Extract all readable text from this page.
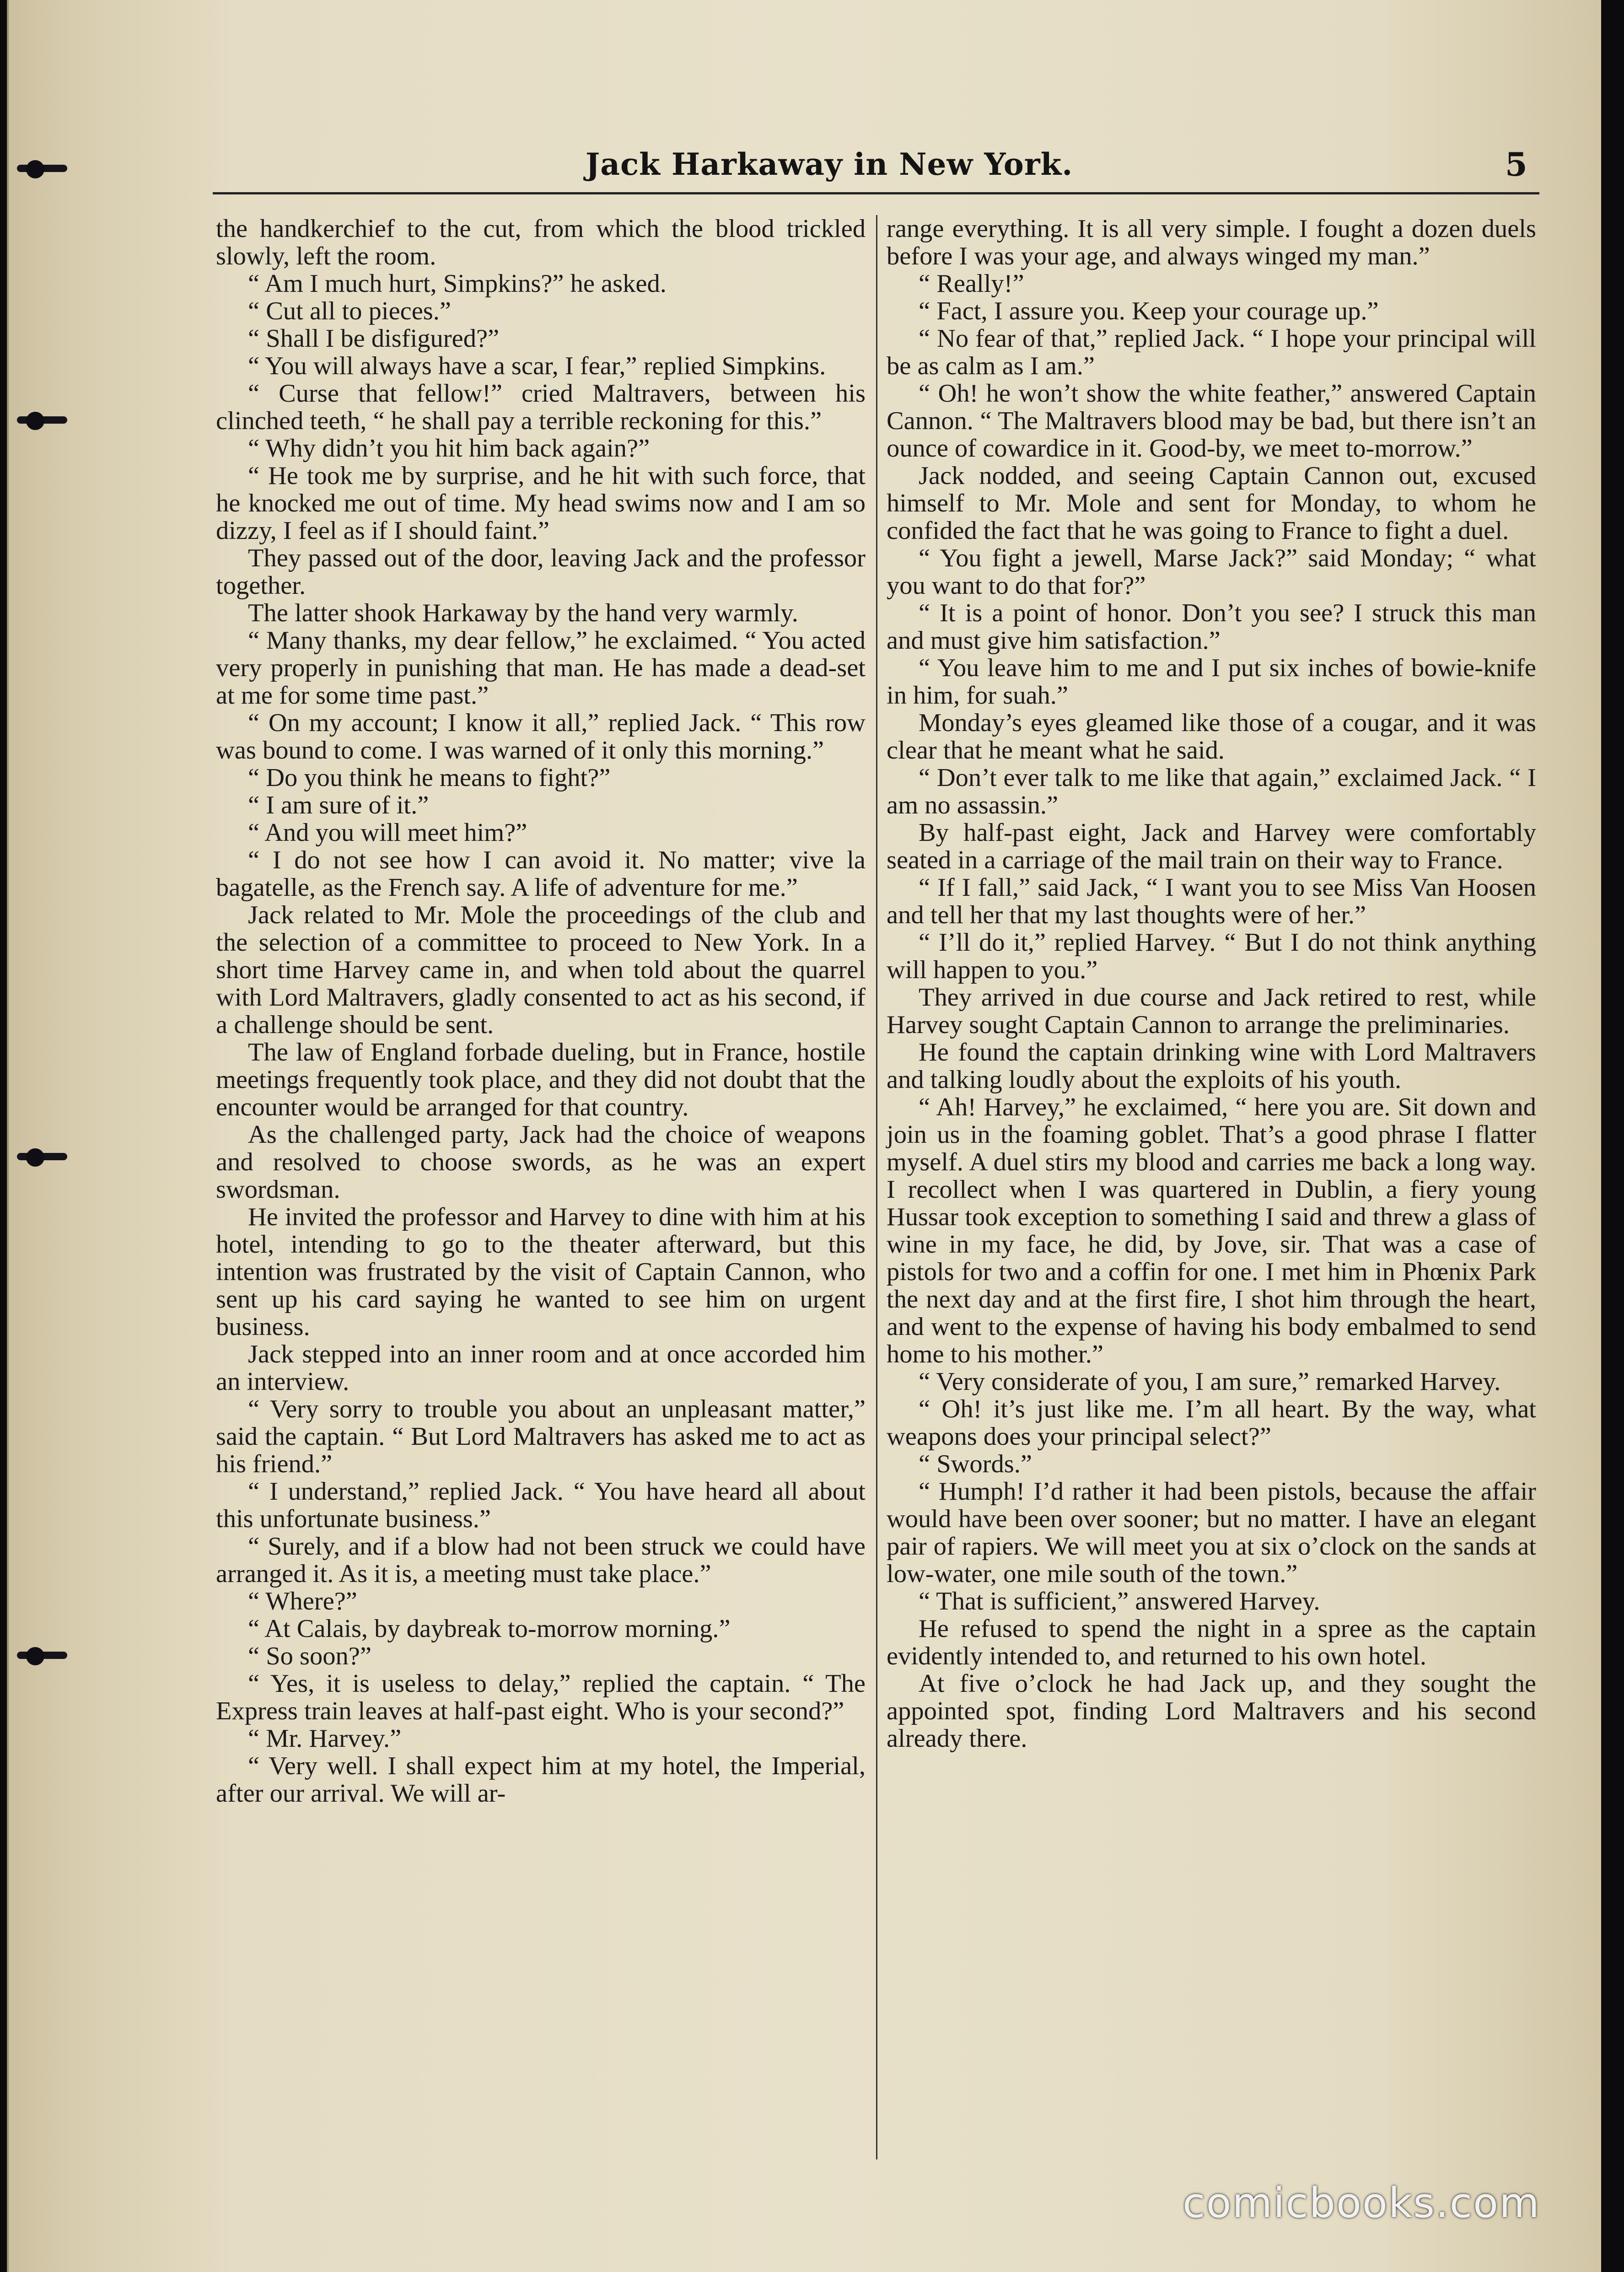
Jack Harkaway in New York.	5

the handkerchief to the cut, from which the blood trickled slowly, left the room.

“ Am I much hurt, Simpkins?” he asked.

“ Cut all to pieces.”

“ Shall I be disfigured?”

“ You will always have a scar, I fear,” replied Simpkins.

“ Curse that fellow!” cried Maltravers, between his clinched teeth, “ he shall pay a terrible reckoning for this.”

“ Why didn’t you hit him back again?”

“ He took me by surprise, and he hit with such force, that he knocked me out of time. My head swims now and I am so dizzy, I feel as if I should faint.”

They passed out of the door, leaving Jack and the professor together.

The latter shook Harkaway by the hand very warmly.

“ Many thanks, my dear fellow,” he exclaimed. “ You acted very properly in punishing that man. He has made a dead-set at me for some time past.”

“ On my account; I know it all,” replied Jack. “ This row was bound to come. I was warned of it only this morning.”

“ Do you think he means to fight?”

“ I am sure of it.”

“ And you will meet him?”

“ I do not see how I can avoid it. No matter; vive la bagatelle, as the French say. A life of adventure for me.”

Jack related to Mr. Mole the proceedings of the club and the selection of a committee to proceed to New York. In a short time Harvey came in, and when told about the quarrel with Lord Maltravers, gladly consented to act as his second, if a challenge should be sent.

The law of England forbade dueling, but in France, hostile meetings frequently took place, and they did not doubt that the encounter would be arranged for that country.

As the challenged party, Jack had the choice of weapons and resolved to choose swords, as he was an expert swordsman.

He invited the professor and Harvey to dine with him at his hotel, intending to go to the theater afterward, but this intention was frustrated by the visit of Captain Cannon, who sent up his card saying he wanted to see him on urgent business.

Jack stepped into an inner room and at once accorded him an interview.

“ Very sorry to trouble you about an unpleasant matter,” said the captain. “ But Lord Maltravers has asked me to act as his friend.”

“ I understand,” replied Jack. “ You have heard all about this unfortunate business.”

“ Surely, and if a blow had not been struck we could have arranged it. As it is, a meeting must take place.”

“ Where?”

“ At Calais, by daybreak to-morrow morning.”

“ So soon?”

“ Yes, it is useless to delay,” replied the captain. “ The Express train leaves at half-past eight. Who is your second?”

“ Mr. Harvey.”

“ Very well. I shall expect him at my hotel, the Imperial, after our arrival. We will ar-

range everything. It is all very simple. I fought a dozen duels before I was your age, and always winged my man.”

“ Really!”

“ Fact, I assure you. Keep your courage up.”

“ No fear of that,” replied Jack. “ I hope your principal will be as calm as I am.”

“ Oh! he won’t show the white feather,” answered Captain Cannon. “ The Maltravers blood may be bad, but there isn’t an ounce of cowardice in it. Good-by, we meet to-morrow.”

Jack nodded, and seeing Captain Cannon out, excused himself to Mr. Mole and sent for Monday, to whom he confided the fact that he was going to France to fight a duel.

“ You fight a jewell, Marse Jack?” said Monday; “ what you want to do that for?”

“ It is a point of honor. Don’t you see? I struck this man and must give him satisfaction.”

“ You leave him to me and I put six inches of bowie-knife in him, for suah.”

Monday’s eyes gleamed like those of a cougar, and it was clear that he meant what he said.

“ Don’t ever talk to me like that again,” exclaimed Jack. “ I am no assassin.”

By half-past eight, Jack and Harvey were comfortably seated in a carriage of the mail train on their way to France.

“ If I fall,” said Jack, “ I want you to see Miss Van Hoosen and tell her that my last thoughts were of her.”

“ I’ll do it,” replied Harvey. “ But I do not think anything will happen to you.”

They arrived in due course and Jack retired to rest, while Harvey sought Captain Cannon to arrange the preliminaries.

He found the captain drinking wine with Lord Maltravers and talking loudly about the exploits of his youth.

“ Ah! Harvey,” he exclaimed, “ here you are. Sit down and join us in the foaming goblet. That’s a good phrase I flatter myself. A duel stirs my blood and carries me back a long way. I recollect when I was quartered in Dublin, a fiery young Hussar took exception to something I said and threw a glass of wine in my face, he did, by Jove, sir. That was a case of pistols for two and a coffin for one. I met him in Phœnix Park the next day and at the first fire, I shot him through the heart, and went to the expense of having his body embalmed to send home to his mother.”

“ Very considerate of you, I am sure,” remarked Harvey.

“ Oh! it’s just like me. I’m all heart. By the way, what weapons does your principal select?”

“ Swords.”

“ Humph! I’d rather it had been pistols, because the affair would have been over sooner; but no matter. I have an elegant pair of rapiers. We will meet you at six o’clock on the sands at low-water, one mile south of the town.”

“ That is sufficient,” answered Harvey.

He refused to spend the night in a spree as the captain evidently intended to, and returned to his own hotel.

At five o’clock he had Jack up, and they sought the appointed spot, finding Lord Maltravers and his second already there.

comicbooks.com
